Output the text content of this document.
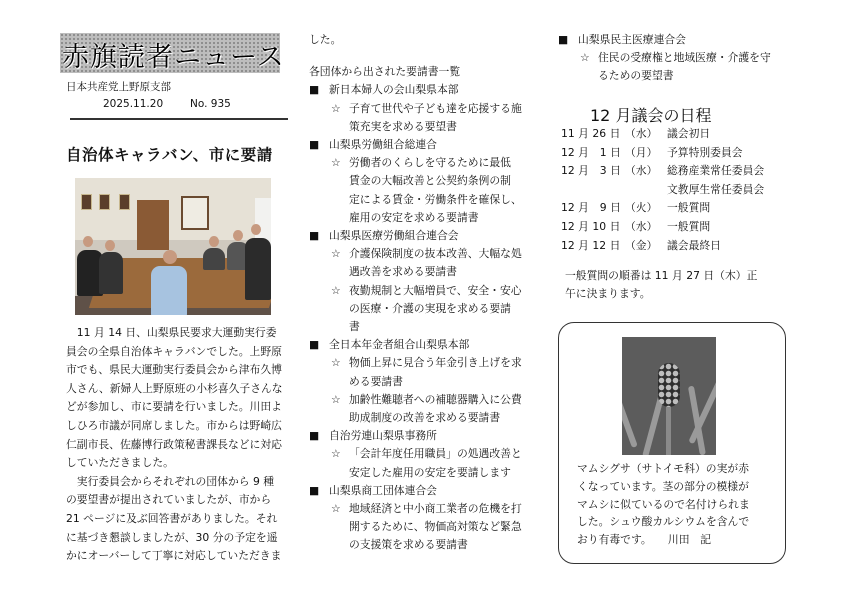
赤旗読者ニュース
日本共産党上野原支部
2025.11.20	No. 935
自治体キャラバン、市に要請

　11 月 14 日、山梨県民要求大運動実行委

員会の全県自治体キャラバンでした。上野原

市でも、県民大運動実行委員会から津布久博

人さん、新婦人上野原班の小杉喜久子さんな

どが参加し、市に要請を行いました。川田よ

しひろ市議が同席しました。市からは野崎広

仁副市長、佐藤博行政策秘書課長などに対応

していただきました。

　実行委員会からそれぞれの団体から 9 種

の要望書が提出されていましたが、市から

21 ページに及ぶ回答書がありました。それ

に基づき懇談しましたが、30 分の予定を遥

かにオーバーして丁寧に対応していただきま

した。
各団体から出された要請書一覧
■ 新日本婦人の会山梨県本部
☆ 子育て世代や子ども達を応援する施
策充実を求める要望書
■ 山梨県労働組合総連合
☆ 労働者のくらしを守るために最低
賃金の大幅改善と公契約条例の制
定による賃金・労働条件を確保し、
雇用の安定を求める要請書
■ 山梨県医療労働組合連合会
☆ 介護保険制度の抜本改善、大幅な処
遇改善を求める要請書
☆ 夜勤規制と大幅増員で、安全・安心
の医療・介護の実現を求める要請
書
■ 全日本年金者組合山梨県本部
☆ 物価上昇に見合う年金引き上げを求
める要請書
☆ 加齢性難聴者への補聴器購入に公費
助成制度の改善を求める要請書
■ 自治労連山梨県事務所
☆ 「会計年度任用職員」の処遇改善と
安定した雇用の安定を要請します
■ 山梨県商工団体連合会
☆ 地域経済と中小商工業者の危機を打
開するために、物価高対策など緊急
の支援策を求める要請書
■ 山梨県民主医療連合会
☆ 住民の受療権と地域医療・介護を守
るための要望書
12 月議会の日程
11 月 26 日	（水）	議会初日
12 月　1 日	（月）	予算特別委員会
12 月　3 日	（水）	総務産業常任委員会
		文教厚生常任委員会
12 月　9 日	（火）	一般質問
12 月 10 日	（水）	一般質問
12 月 12 日	（金）	議会最終日

一般質問の順番は 11 月 27 日（木）正

午に決まります。

マムシグサ（サトイモ科）の実が赤

くなっています。茎の部分の模様が

マムシに似ているので名付けられま

した。シュウ酸カルシウムを含んで

おり有毒です。　　川田　記
